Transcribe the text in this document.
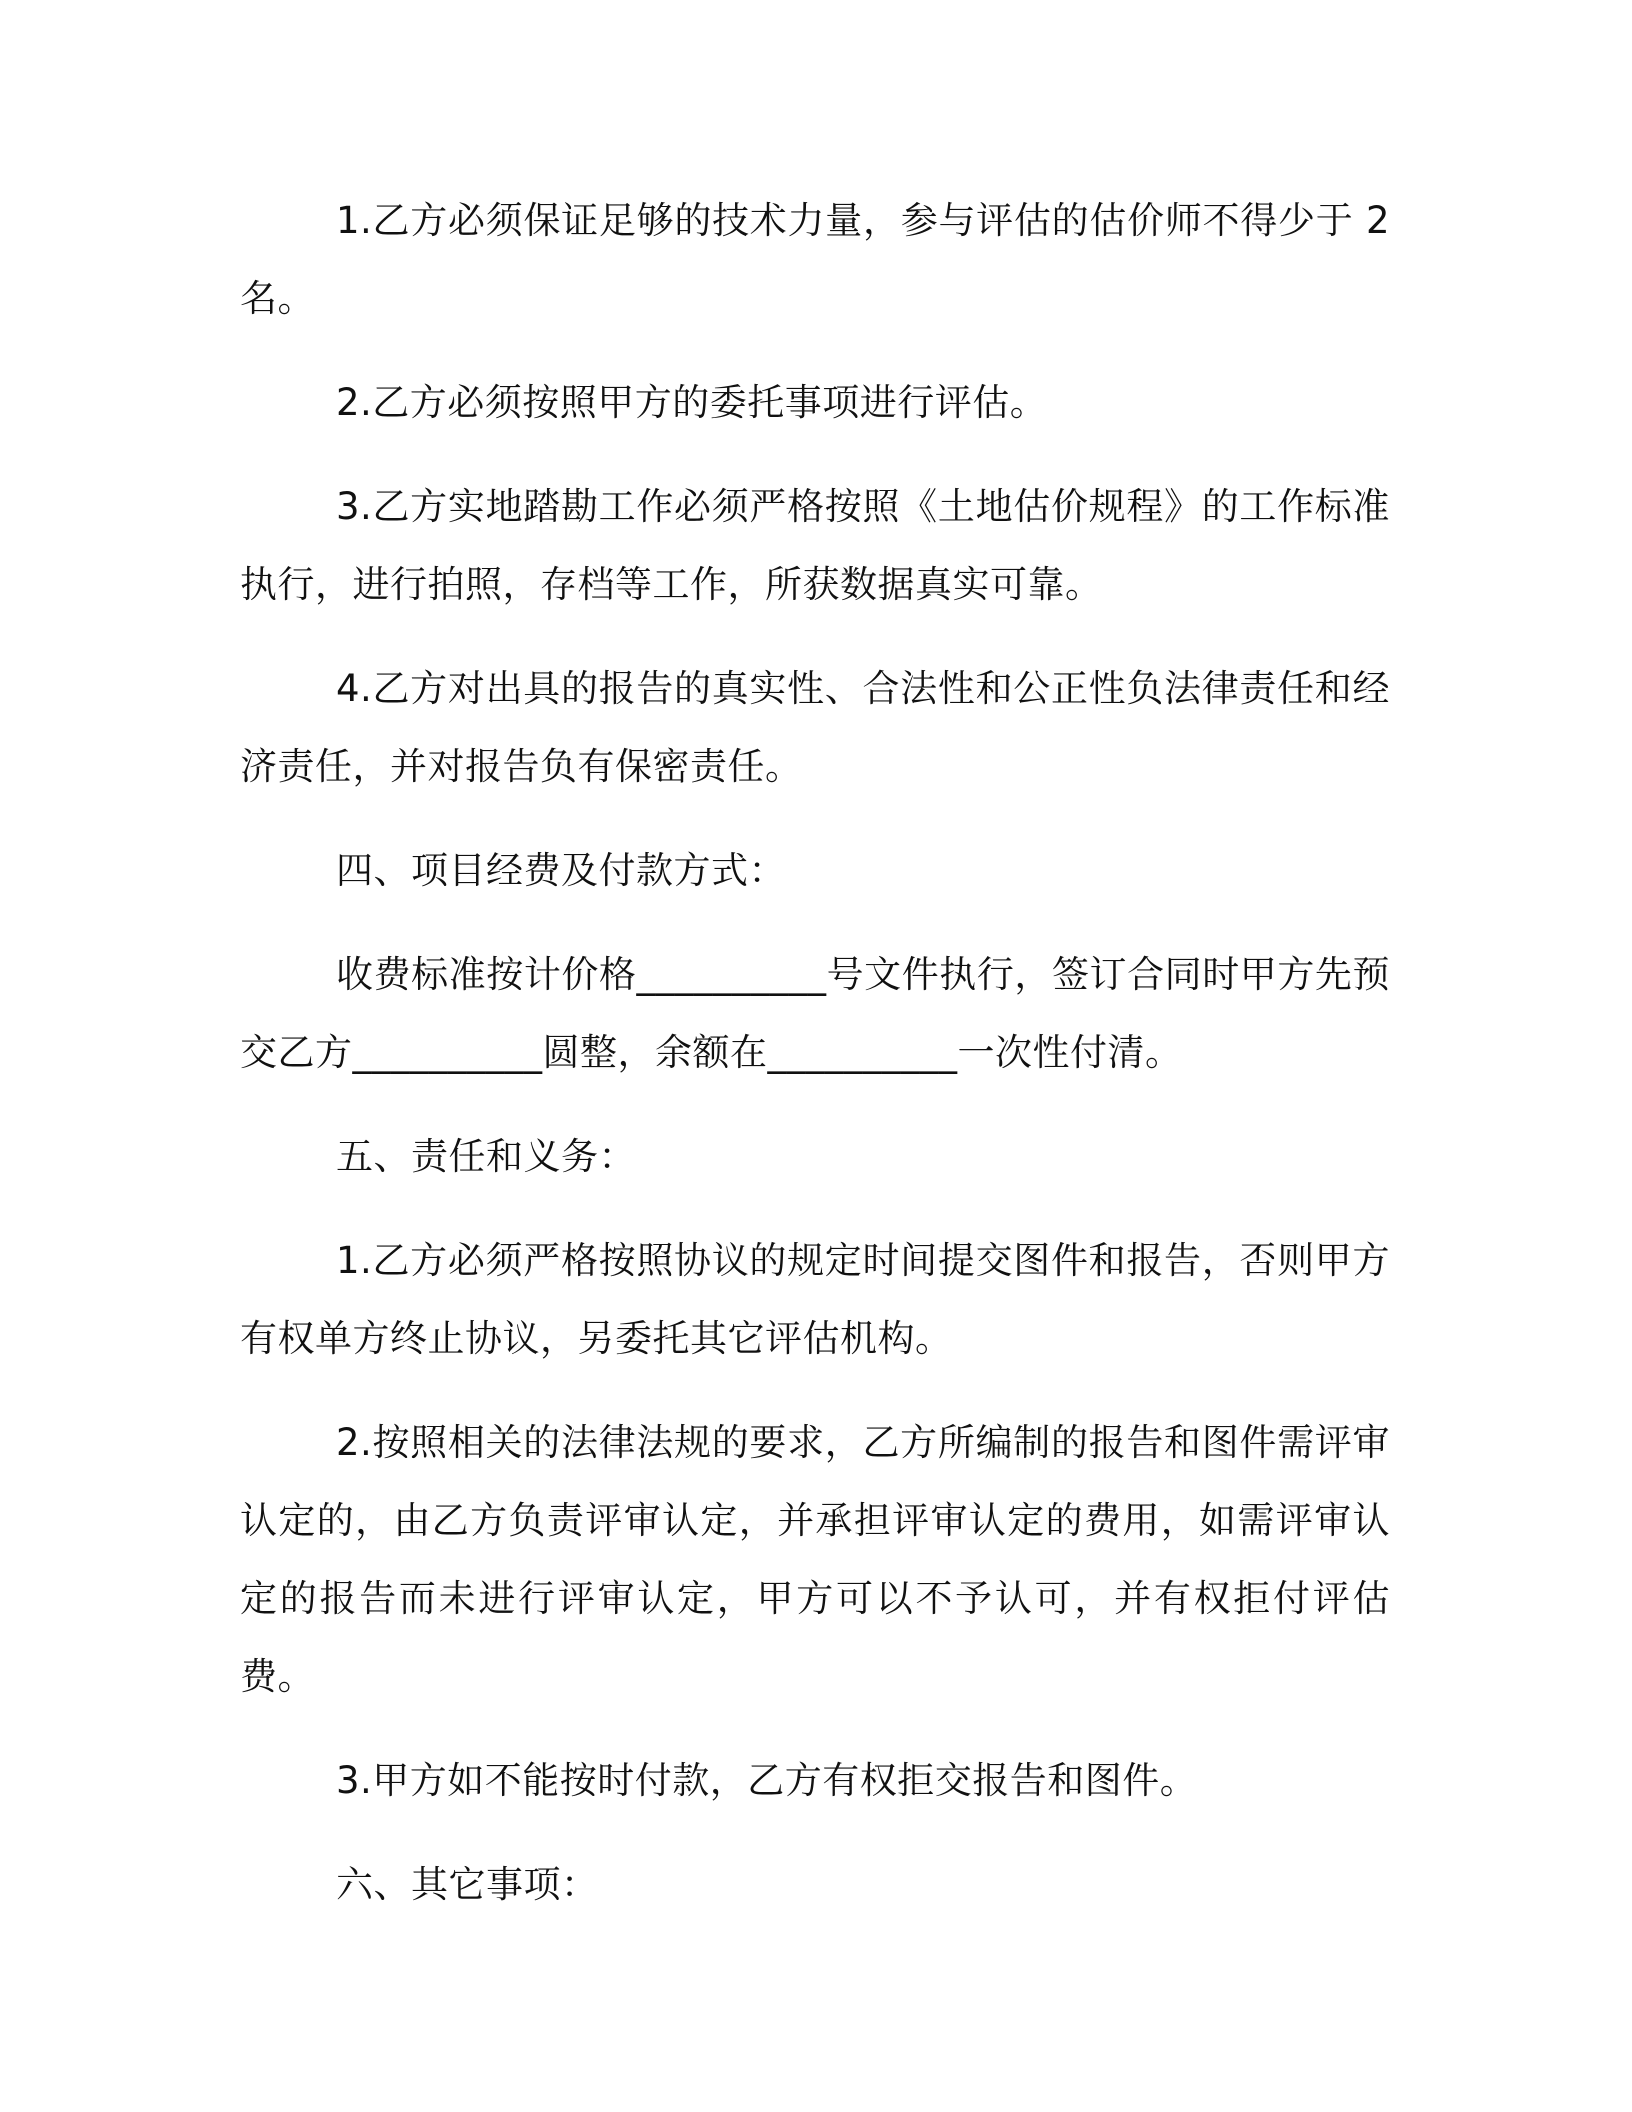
1.乙方必须保证足够的技术力量，参与评估的估价师不得少于 2 名。

2.乙方必须按照甲方的委托事项进行评估。

3.乙方实地踏勘工作必须严格按照《土地估价规程》的工作标准执行，进行拍照，存档等工作，所获数据真实可靠。

4.乙方对出具的报告的真实性、合法性和公正性负法律责任和经济责任，并对报告负有保密责任。

四、项目经费及付款方式：

收费标准按计价格__________号文件执行，签订合同时甲方先预交乙方__________圆整，余额在__________一次性付清。

五、责任和义务：

1.乙方必须严格按照协议的规定时间提交图件和报告，否则甲方有权单方终止协议，另委托其它评估机构。

2.按照相关的法律法规的要求，乙方所编制的报告和图件需评审认定的，由乙方负责评审认定，并承担评审认定的费用，如需评审认定的报告而未进行评审认定，甲方可以不予认可，并有权拒付评估费。

3.甲方如不能按时付款，乙方有权拒交报告和图件。

六、其它事项：
